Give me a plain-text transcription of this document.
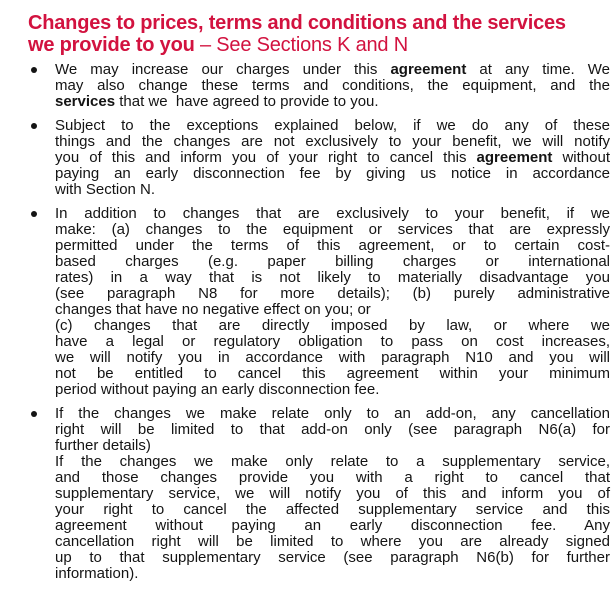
Changes to prices, terms and conditions and the services
we provide to you – See Sections K and N
We may increase our charges under this agreement at any time. We
may also change these terms and conditions, the equipment, and the
services that we  have agreed to provide to you.
Subject to the exceptions explained below, if we do any of these
things and the changes are not exclusively to your benefit, we will notify
you of this and inform you of your right to cancel this agreement without
paying an early disconnection fee by giving us notice in accordance
with Section N.
In addition to changes that are exclusively to your benefit, if we
make: (a) changes to the equipment or services that are expressly
permitted under the terms of this agreement, or to certain cost-
based charges (e.g. paper billing charges or international
rates) in a way that is not likely to materially disadvantage you
(see paragraph N8 for more details); (b) purely administrative
changes that have no negative effect on you; or
(c) changes that are directly imposed by law, or where we
have a legal or regulatory obligation to pass on cost increases,
we will notify you in accordance with paragraph N10 and you will
not be entitled to cancel this agreement within your minimum
period without paying an early disconnection fee.
If the changes we make relate only to an add-on, any cancellation
right will be limited to that add-on only (see paragraph N6(a) for
further details)
If the changes we make only relate to a supplementary service,
and those changes provide you with a right to cancel that
supplementary service, we will notify you of this and inform you of
your right to cancel the affected supplementary service and this
agreement without paying an early disconnection fee. Any
cancellation right will be limited to where you are already signed
up to that supplementary service (see paragraph N6(b) for further
information).
